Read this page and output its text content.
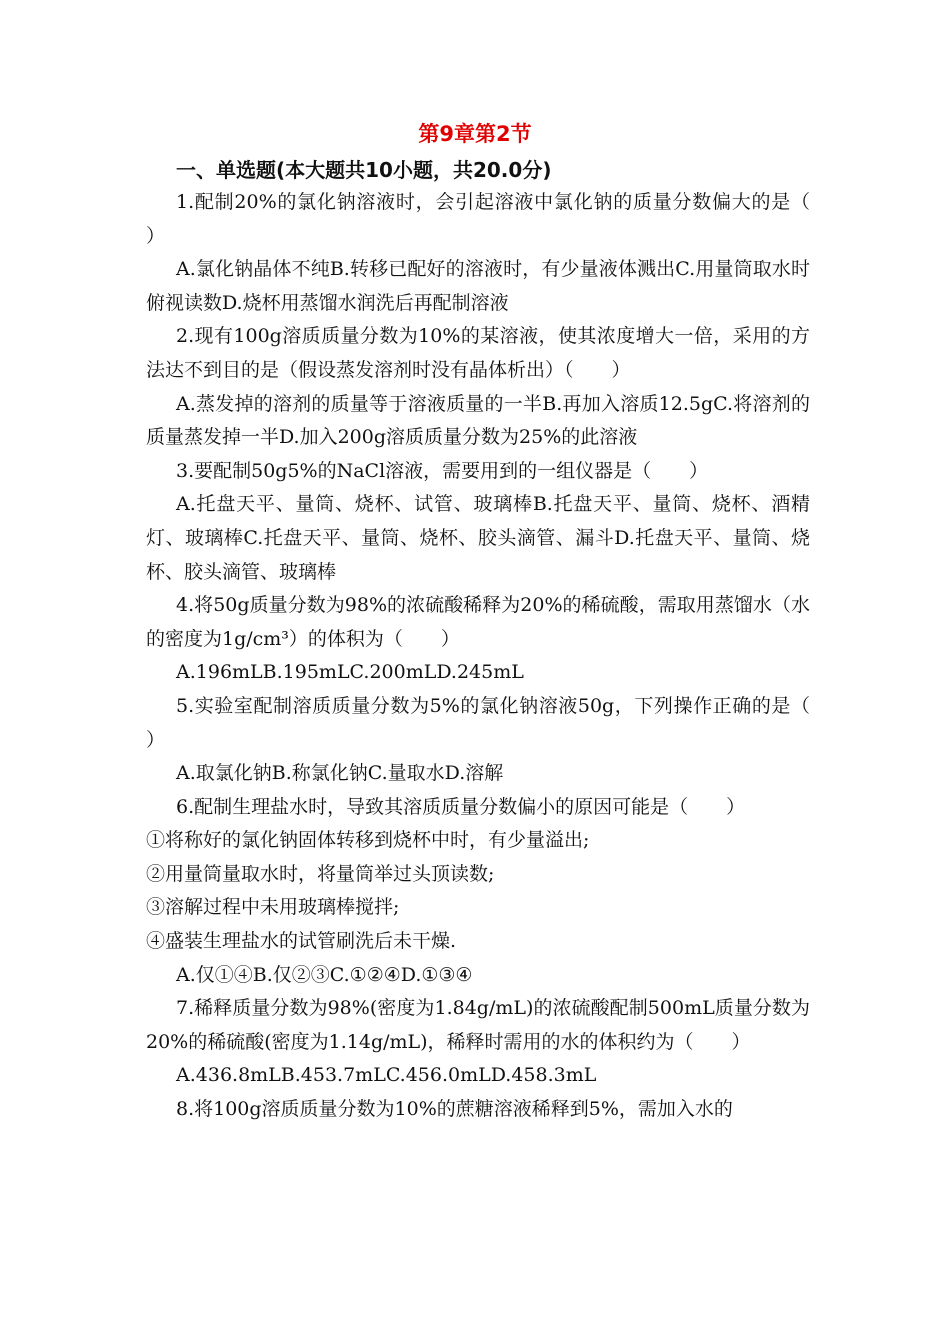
第9章第2节
一、单选题(本大题共10小题，共20.0分)

1.配制20%的氯化钠溶液时，会引起溶液中氯化钠的质量分数偏大的是（　　）

A.氯化钠晶体不纯B.转移已配好的溶液时，有少量液体溅出C.用量筒取水时俯视读数D.烧杯用蒸馏水润洗后再配制溶液

2.现有100g溶质质量分数为10%的某溶液，使其浓度增大一倍，采用的方法达不到目的是（假设蒸发溶剂时没有晶体析出）（　　）

A.蒸发掉的溶剂的质量等于溶液质量的一半B.再加入溶质12.5gC.将溶剂的质量蒸发掉一半D.加入200g溶质质量分数为25%的此溶液

3.要配制50g5%的NaCl溶液，需要用到的一组仪器是（　　）

A.托盘天平、量筒、烧杯、试管、玻璃棒B.托盘天平、量筒、烧杯、酒精灯、玻璃棒C.托盘天平、量筒、烧杯、胶头滴管、漏斗D.托盘天平、量筒、烧杯、胶头滴管、玻璃棒

4.将50g质量分数为98%的浓硫酸稀释为20%的稀硫酸，需取用蒸馏水（水的密度为1g/cm³）的体积为（　　）

A.196mLB.195mLC.200mLD.245mL

5.实验室配制溶质质量分数为5%的氯化钠溶液50g，下列操作正确的是（　　）

A.取氯化钠B.称氯化钠C.量取水D.溶解

6.配制生理盐水时，导致其溶质质量分数偏小的原因可能是（　　）

①将称好的氯化钠固体转移到烧杯中时，有少量溢出;

②用量筒量取水时，将量筒举过头顶读数;

③溶解过程中未用玻璃棒搅拌;

④盛装生理盐水的试管刷洗后未干燥.

A.仅①④B.仅②③C.①②④D.①③④

7.稀释质量分数为98%(密度为1.84g/mL)的浓硫酸配制500mL质量分数为20%的稀硫酸(密度为1.14g/mL)，稀释时需用的水的体积约为（　　）

A.436.8mLB.453.7mLC.456.0mLD.458.3mL

8.将100g溶质质量分数为10%的蔗糖溶液稀释到5%，需加入水的
